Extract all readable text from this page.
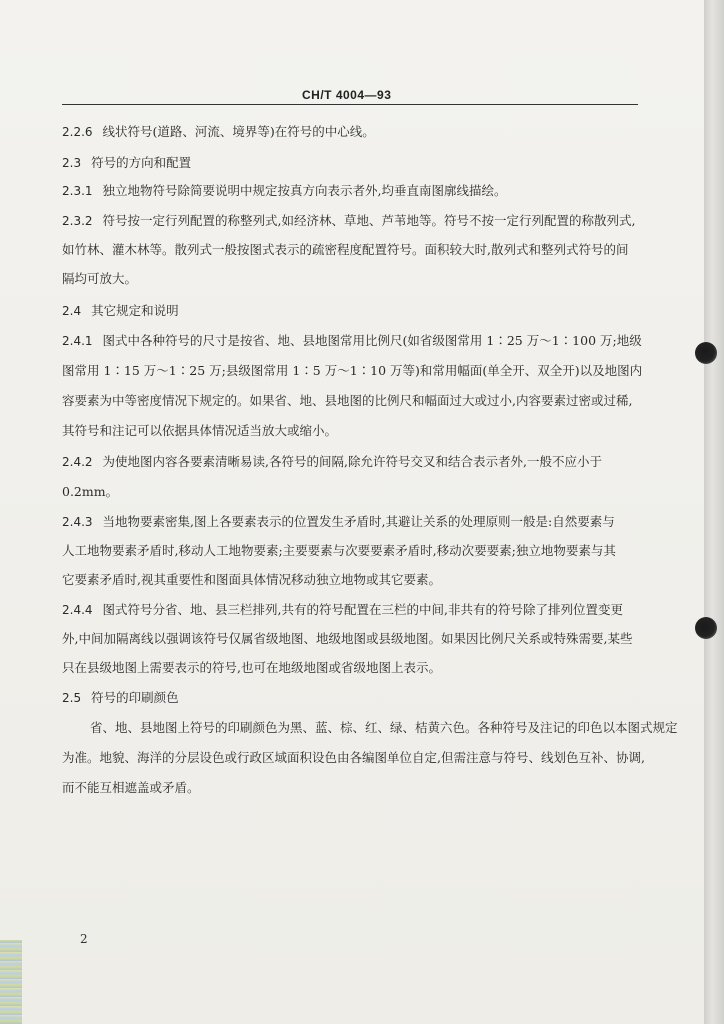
CH/T 4004—93
2.2.6 线状符号(道路、河流、境界等)在符号的中心线。
2.3 符号的方向和配置
2.3.1 独立地物符号除简要说明中规定按真方向表示者外,均垂直南图廓线描绘。
2.3.2 符号按一定行列配置的称整列式,如经济林、草地、芦苇地等。符号不按一定行列配置的称散列式,
如竹林、灌木林等。散列式一般按图式表示的疏密程度配置符号。面积较大时,散列式和整列式符号的间
隔均可放大。
2.4 其它规定和说明
2.4.1 图式中各种符号的尺寸是按省、地、县地图常用比例尺(如省级图常用 1∶25 万～1∶100 万;地级
图常用 1∶15 万～1∶25 万;县级图常用 1∶5 万～1∶10 万等)和常用幅面(单全开、双全开)以及地图内
容要素为中等密度情况下规定的。如果省、地、县地图的比例尺和幅面过大或过小,内容要素过密或过稀,
其符号和注记可以依据具体情况适当放大或缩小。
2.4.2 为使地图内容各要素清晰易读,各符号的间隔,除允许符号交叉和结合表示者外,一般不应小于
0.2mm。
2.4.3 当地物要素密集,图上各要素表示的位置发生矛盾时,其避让关系的处理原则一般是:自然要素与
人工地物要素矛盾时,移动人工地物要素;主要要素与次要要素矛盾时,移动次要要素;独立地物要素与其
它要素矛盾时,视其重要性和图面具体情况移动独立地物或其它要素。
2.4.4 图式符号分省、地、县三栏排列,共有的符号配置在三栏的中间,非共有的符号除了排列位置变更
外,中间加隔离线以强调该符号仅属省级地图、地级地图或县级地图。如果因比例尺关系或特殊需要,某些
只在县级地图上需要表示的符号,也可在地级地图或省级地图上表示。
2.5 符号的印刷颜色
省、地、县地图上符号的印刷颜色为黑、蓝、棕、红、绿、桔黄六色。各种符号及注记的印色以本图式规定
为准。地貌、海洋的分层设色或行政区域面积设色由各编图单位自定,但需注意与符号、线划色互补、协调,
而不能互相遮盖或矛盾。
2
